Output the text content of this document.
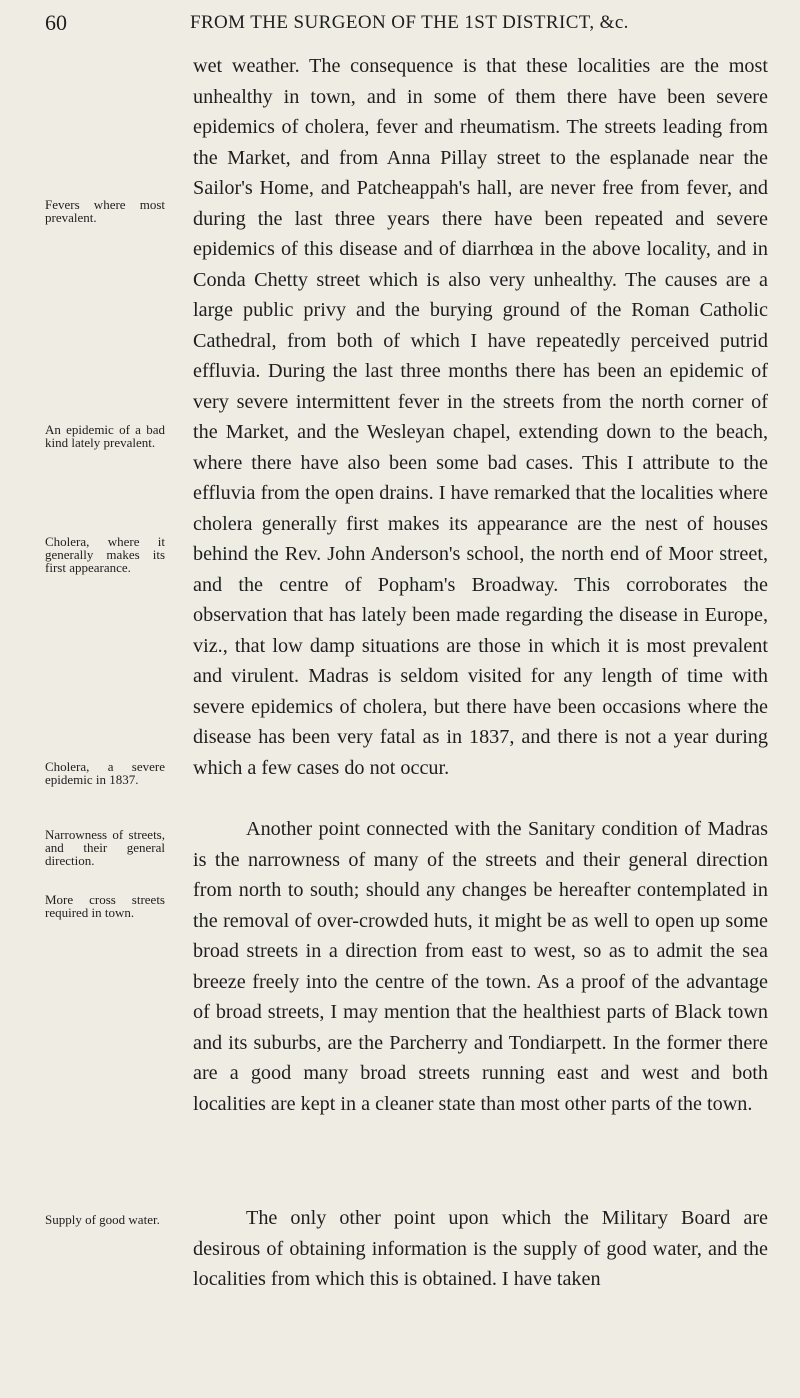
60	FROM THE SURGEON OF THE 1ST DISTRICT, &c.

wet weather. The consequence is that these localities are the most unhealthy in town, and in some of them there have been severe epidemics of cholera, fever and rheumatism. The streets leading from the Market, and from Anna Pillay street to the esplanade near the Sailor's Home, and Patcheappah's hall, are never free from fever, and during the last three years there have been repeated and severe epidemics of this disease and of diarrhœa in the above locality, and in Conda Chetty street which is also very unhealthy. The causes are a large public privy and the burying ground of the Roman Catholic Cathedral, from both of which I have repeatedly perceived putrid effluvia. During the last three months there has been an epidemic of very severe intermittent fever in the streets from the north corner of the Market, and the Wesleyan chapel, extending down to the beach, where there have also been some bad cases. This I attribute to the effluvia from the open drains. I have remarked that the localities where cholera generally first makes its appearance are the nest of houses behind the Rev. John Anderson's school, the north end of Moor street, and the centre of Popham's Broadway. This corroborates the observation that has lately been made regarding the disease in Europe, viz., that low damp situations are those in which it is most prevalent and virulent. Madras is seldom visited for any length of time with severe epidemics of cholera, but there have been occasions where the disease has been very fatal as in 1837, and there is not a year during which a few cases do not occur.

Another point connected with the Sanitary condition of Madras is the narrowness of many of the streets and their general direction from north to south; should any changes be hereafter contemplated in the removal of over-crowded huts, it might be as well to open up some broad streets in a direction from east to west, so as to admit the sea breeze freely into the centre of the town. As a proof of the advantage of broad streets, I may mention that the healthiest parts of Black town and its suburbs, are the Parcherry and Tondiarpett. In the former there are a good many broad streets running east and west and both localities are kept in a cleaner state than most other parts of the town.

The only other point upon which the Military Board are desirous of obtaining information is the supply of good water, and the localities from which this is obtained. I have taken

Fevers where most prevalent.

An epidemic of a bad kind lately prevalent.

Cholera, where it generally makes its first appearance.

Cholera, a severe epidemic in 1837.

Narrowness of streets, and their general direction.

More cross streets required in town.

Supply of good water.
